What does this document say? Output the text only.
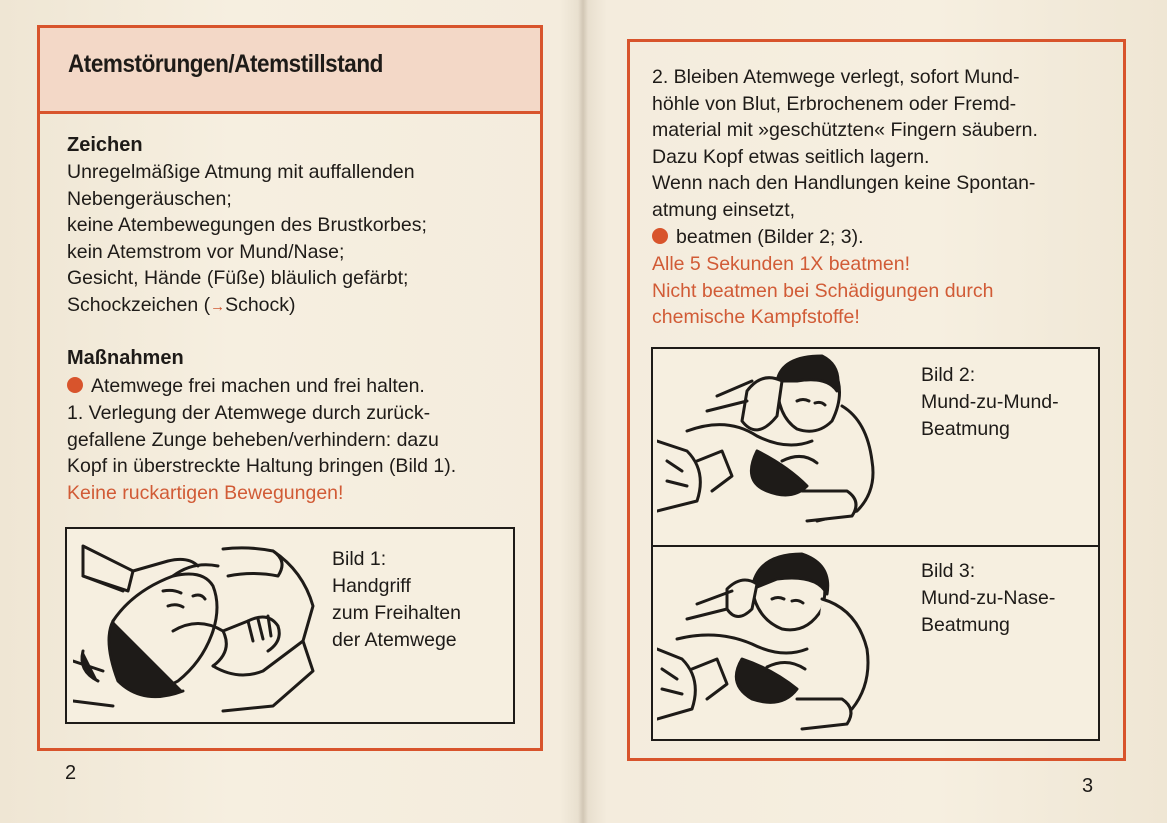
Atemstörungen/Atemstillstand
Zeichen
Unregelmäßige Atmung mit auffallenden
Nebengeräuschen;
keine Atembewegungen des Brustkorbes;
kein Atemstrom vor Mund/Nase;
Gesicht, Hände (Füße) bläulich gefärbt;
Schockzeichen (→Schock)
Maßnahmen
Atemwege frei machen und frei halten.
1. Verlegung der Atemwege durch zurück-
gefallene Zunge beheben/verhindern: dazu
Kopf in überstreckte Haltung bringen (Bild 1).
Keine ruckartigen Bewegungen!
Bild 1:
Handgriff
zum Freihalten
der Atemwege
2
2. Bleiben Atemwege verlegt, sofort Mund-
höhle von Blut, Erbrochenem oder Fremd-
material mit »geschützten« Fingern säubern.
Dazu Kopf etwas seitlich lagern.
Wenn nach den Handlungen keine Spontan-
atmung einsetzt,
beatmen (Bilder 2; 3).
Alle 5 Sekunden 1X beatmen!
Nicht beatmen bei Schädigungen durch
chemische Kampfstoffe!
Bild 2:
Mund-zu-Mund-
Beatmung
Bild 3:
Mund-zu-Nase-
Beatmung
3
